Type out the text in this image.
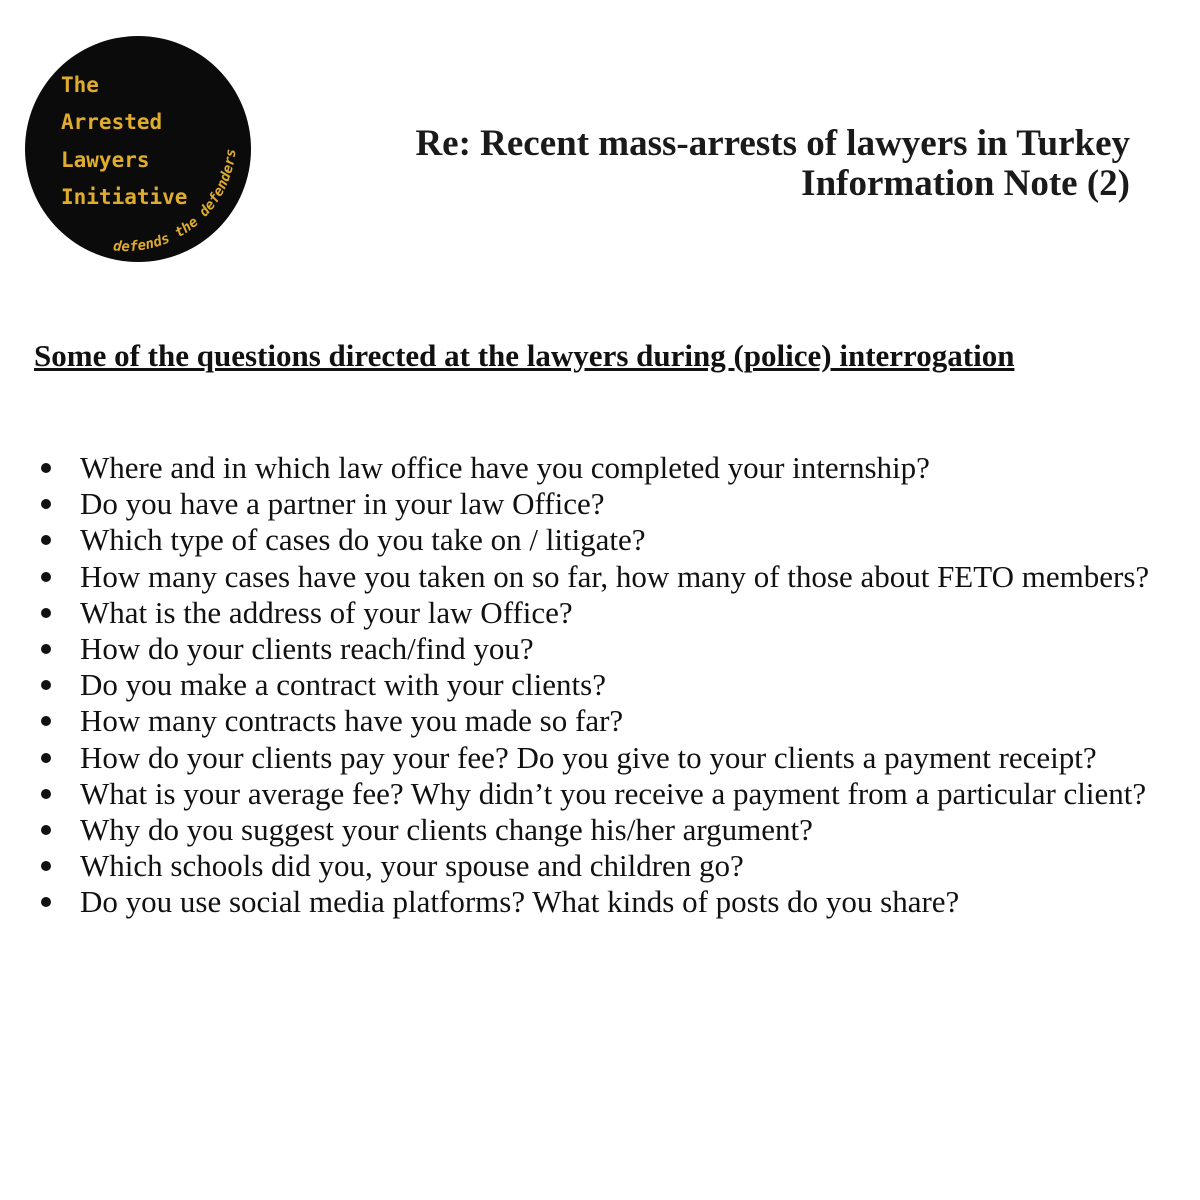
The
Arrested
Lawyers
Initiative
defends the defenders	Re: Recent mass-arrests of lawyers in Turkey
Information Note (2)
Some of the questions directed at the lawyers during (police) interrogation
Where and in which law office have you completed your internship?
Do you have a partner in your law Office?
Which type of cases do you take on / litigate?
How many cases have you taken on so far, how many of those about FETO members?
What is the address of your law Office?
How do your clients reach/find you?
Do you make a contract with your clients?
How many contracts have you made so far?
How do your clients pay your fee? Do you give to your clients a payment receipt?
What is your average fee? Why didn’t you receive a payment from a particular client?
Why do you suggest your clients change his/her argument?
Which schools did you, your spouse and children go?
Do you use social media platforms? What kinds of posts do you share?
